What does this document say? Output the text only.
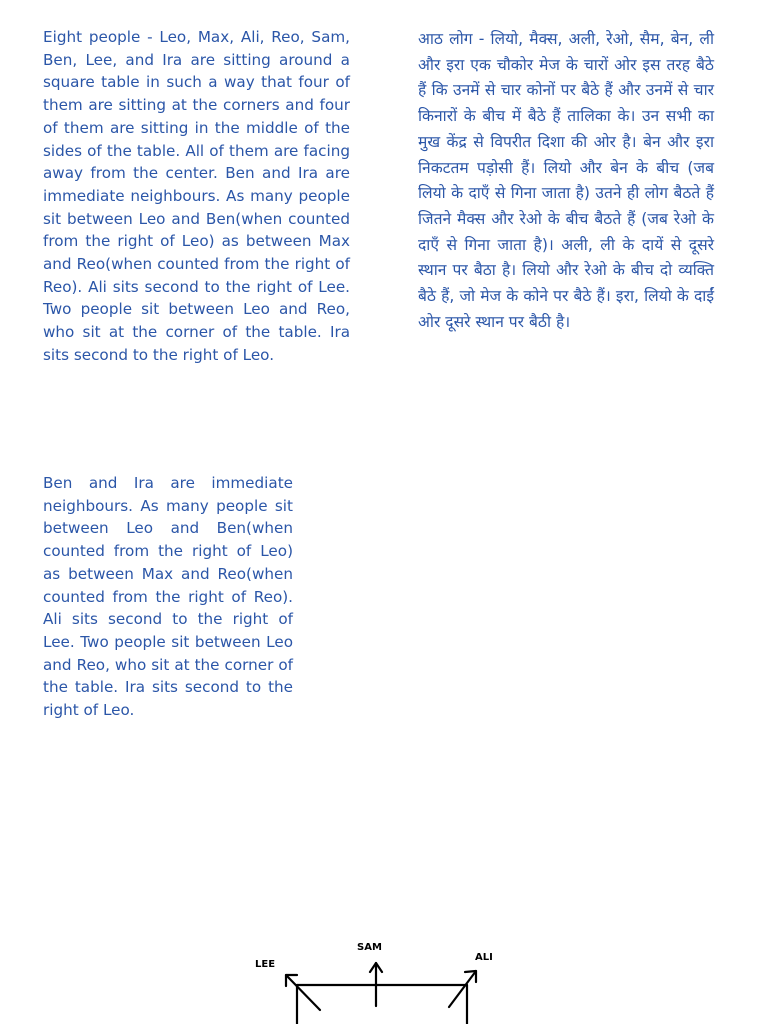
Eight people - Leo, Max, Ali, Reo, Sam, Ben, Lee, and Ira are sitting around a square table in such a way that four of them are sitting at the corners and four of them are sitting in the middle of the sides of the table. All of them are facing away from the center. Ben and Ira are immediate neighbours. As many people sit between Leo and Ben(when counted from the right of Leo) as between Max and Reo(when counted from the right of Reo). Ali sits second to the right of Lee. Two people sit between Leo and Reo, who sit at the corner of the table. Ira sits second to the right of Leo.

आठ लोग - लियो, मैक्स, अली, रेओ, सैम, बेन, ली और इरा एक चौकोर मेज के चारों ओर इस तरह बैठे हैं कि उनमें से चार कोनों पर बैठे हैं और उनमें से चार किनारों के बीच में बैठे हैं तालिका के। उन सभी का मुख केंद्र से विपरीत दिशा की ओर है। बेन और इरा निकटतम पड़ोसी हैं। लियो और बेन के बीच (जब लियो के दाएँ से गिना जाता है) उतने ही लोग बैठते हैं जितने मैक्स और रेओ के बीच बैठते हैं (जब रेओ के दाएँ से गिना जाता है)। अली, ली के दायें से दूसरे स्थान पर बैठा है। लियो और रेओ के बीच दो व्यक्ति बैठे हैं, जो मेज के कोने पर बैठे हैं। इरा, लियो के दाईं ओर दूसरे स्थान पर बैठी है।

Ben and Ira are immediate neighbours. As many people sit between Leo and Ben(when counted from the right of Leo) as between Max and Reo(when counted from the right of Reo). Ali sits second to the right of Lee. Two people sit between Leo and Reo, who sit at the corner of the table. Ira sits second to the right of Leo.

LEE
SAM
ALI
